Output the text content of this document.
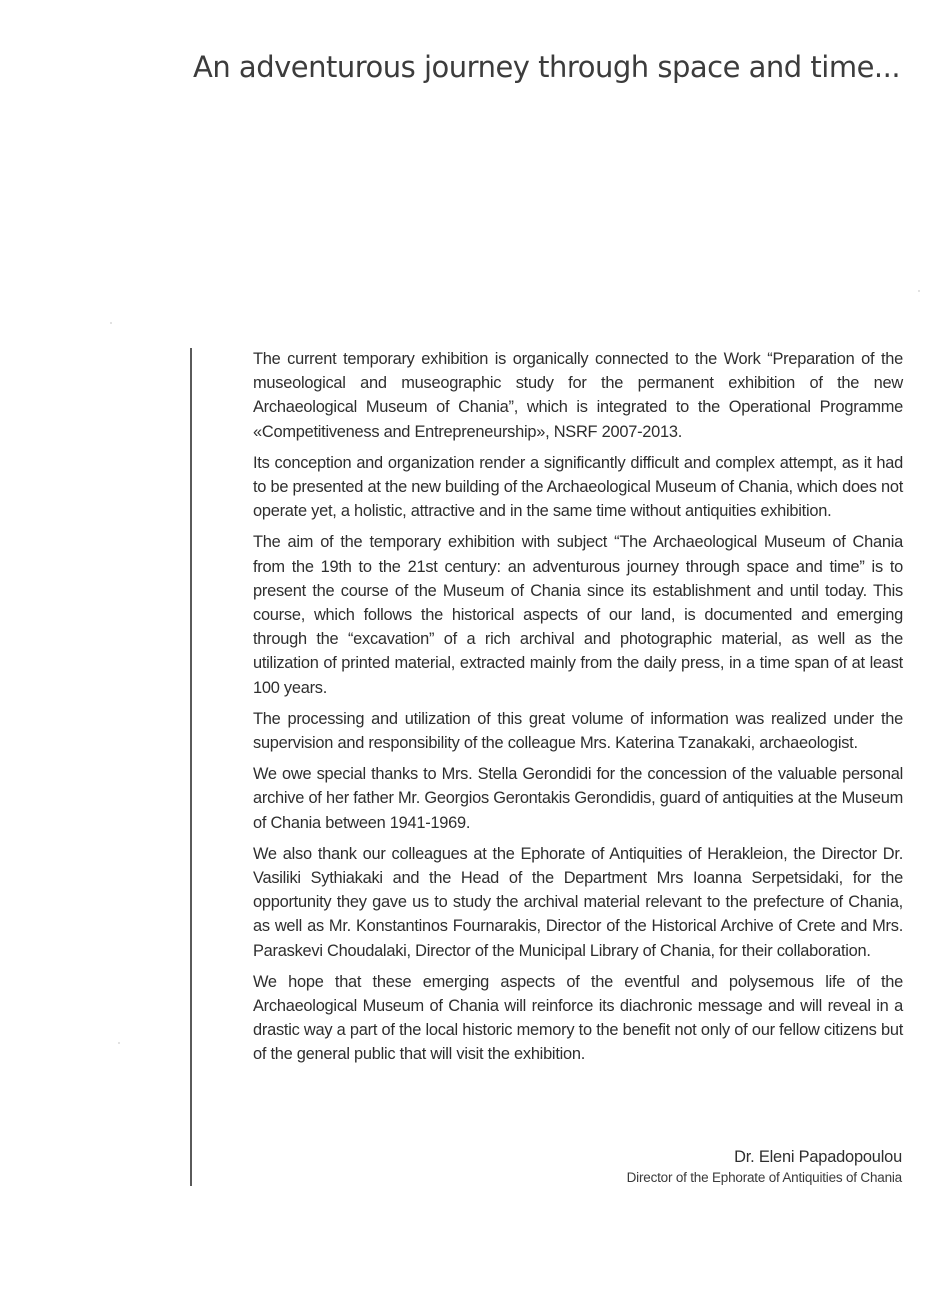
An adventurous journey through space and time...

The current temporary exhibition is organically connected to the Work “Preparation of the museological and museographic study for the permanent exhibition of the new Archaeological Museum of Chania”, which is integrated to the Operational Programme «Competitiveness and Entrepreneurship», NSRF 2007-2013.

Its conception and organization render a significantly difficult and complex attempt, as it had to be presented at the new building of the Archaeological Museum of Chania, which does not operate yet, a holistic, attractive and in the same time without antiquities exhibition.

The aim of the temporary exhibition with subject “The Archaeological Museum of Chania from the 19th to the 21st century: an adventurous journey through space and time” is to present the course of the Museum of Chania since its establishment and until today. This course, which follows the historical aspects of our land, is documented and emerging through the “excavation” of a rich archival and photographic material, as well as the utilization of printed material, extracted mainly from the daily press, in a time span of at least 100 years.

The processing and utilization of this great volume of information was realized under the supervision and responsibility of the colleague Mrs. Katerina Tzanakaki, archaeologist.

We owe special thanks to Mrs. Stella Gerondidi for the concession of the valuable personal archive of her father Mr. Georgios Gerontakis Gerondidis, guard of antiquities at the Museum of Chania between 1941-1969.

We also thank our colleagues at the Ephorate of Antiquities of Herakleion, the Director Dr. Vasiliki Sythiakaki and the Head of the Department Mrs Ioanna Serpetsidaki, for the opportunity they gave us to study the archival material relevant to the prefecture of Chania, as well as Mr. Konstantinos Fournarakis, Director of the Historical Archive of Crete and Mrs. Paraskevi Choudalaki, Director of the Municipal Library of Chania, for their collaboration.

We hope that these emerging aspects of the eventful and polysemous life of the Archaeological Museum of Chania will reinforce its diachronic message and will reveal in a drastic way a part of the local historic memory to the benefit not only of our fellow citizens but of the general public that will visit the exhibition.

Dr. Eleni Papadopoulou
Director of the Ephorate of Antiquities of Chania
